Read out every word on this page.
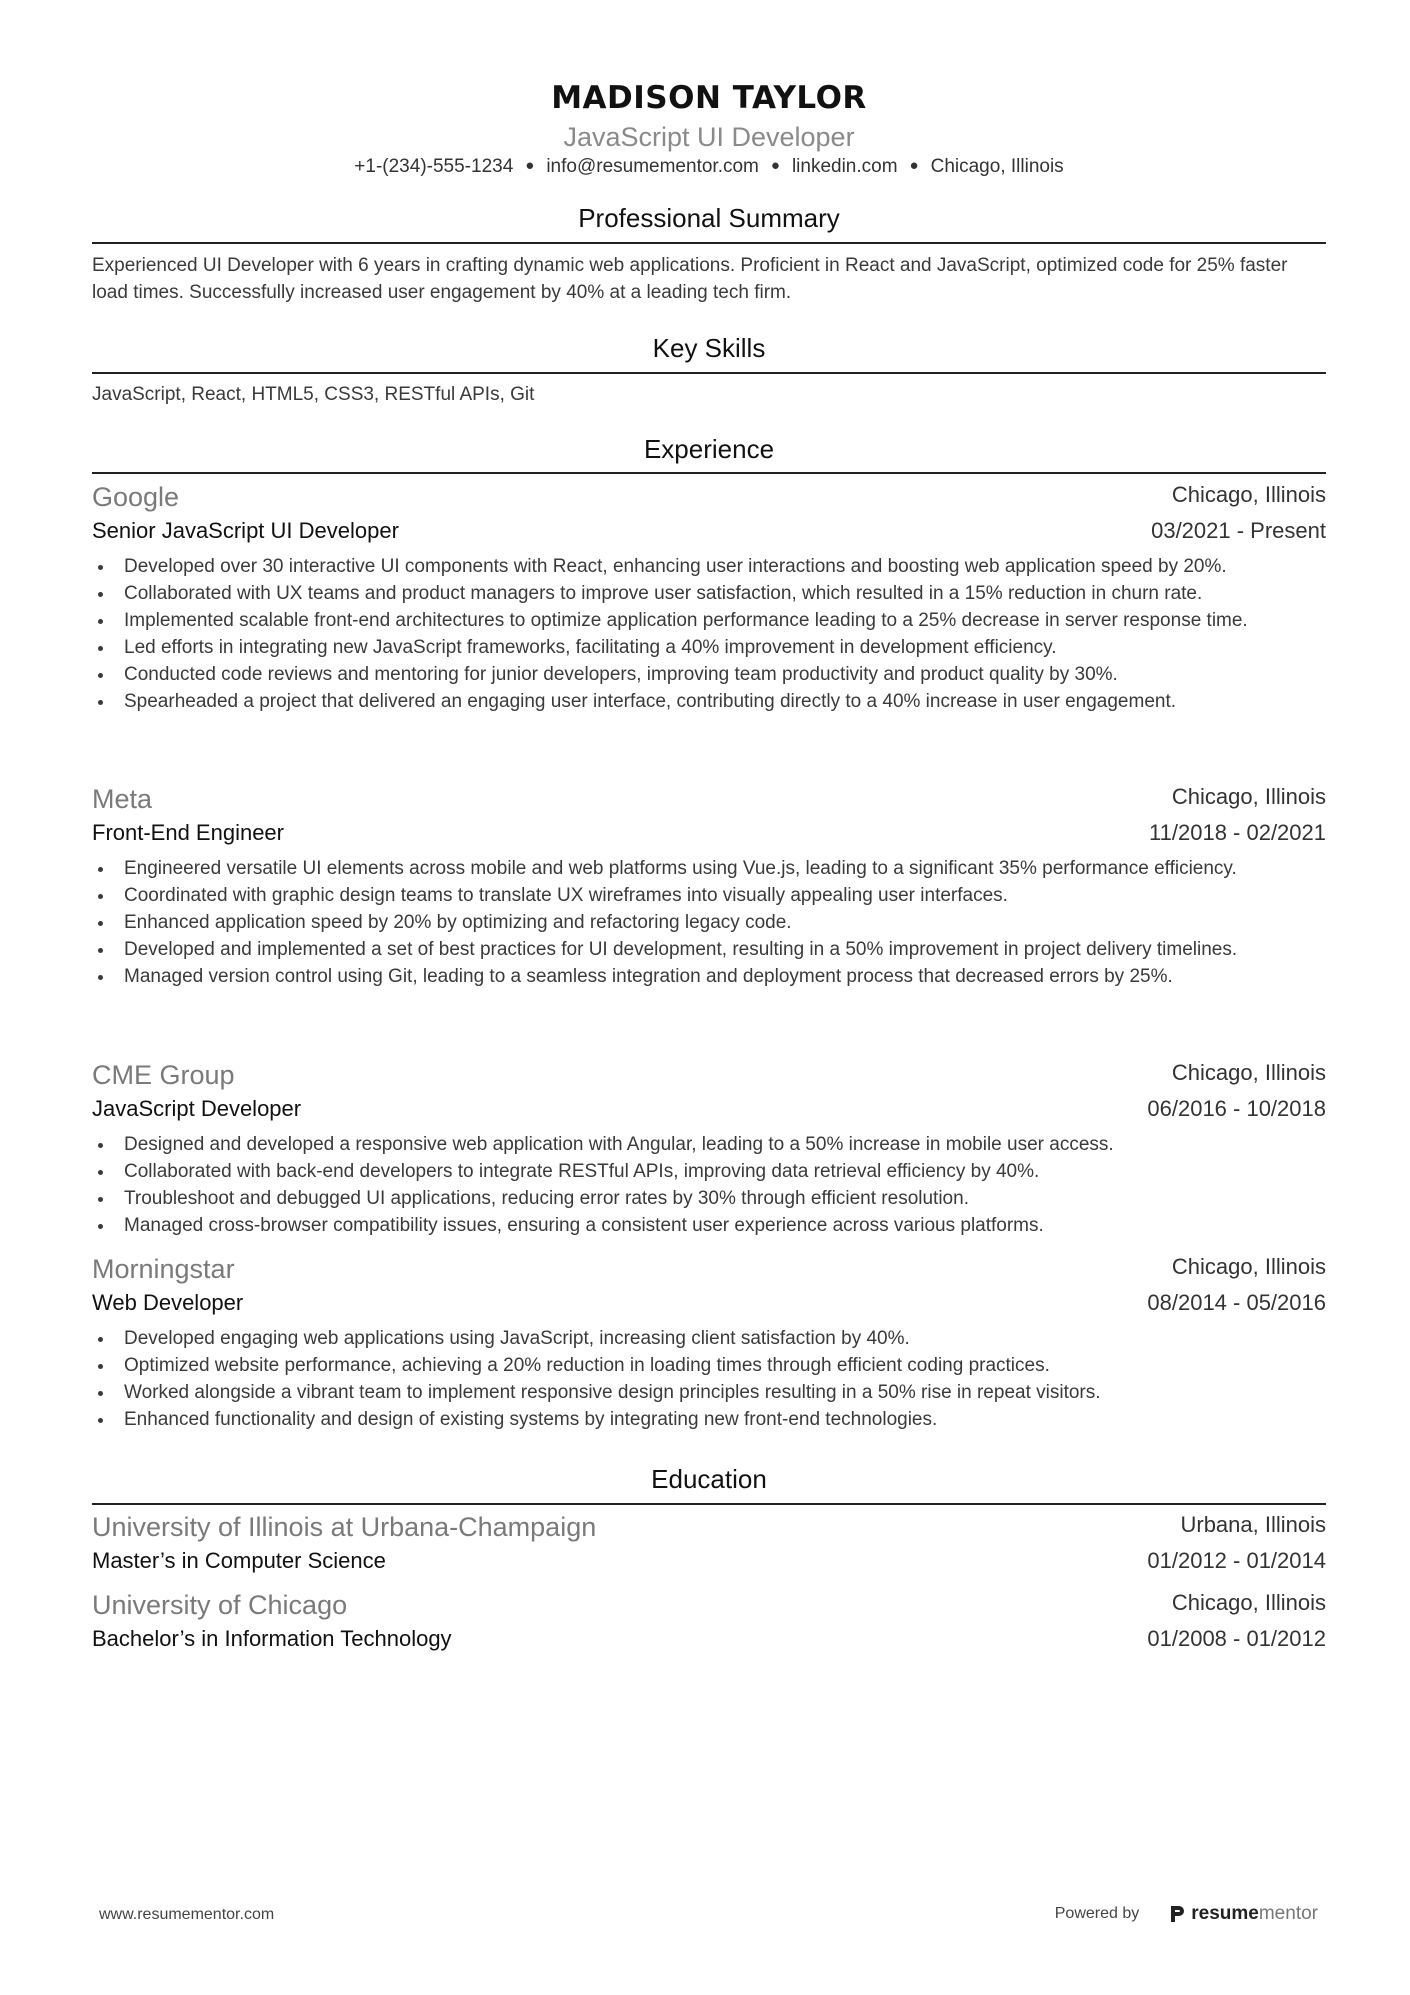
MADISON TAYLOR
JavaScript UI Developer
+1-(234)-555-1234 ● info@resumementor.com ● linkedin.com ● Chicago, Illinois
Professional Summary
Experienced UI Developer with 6 years in crafting dynamic web applications. Proficient in React and JavaScript, optimized code for 25% faster load times. Successfully increased user engagement by 40% at a leading tech firm.
Key Skills
JavaScript, React, HTML5, CSS3, RESTful APIs, Git
Experience
Google	Chicago, Illinois
Senior JavaScript UI Developer	03/2021 - Present
Developed over 30 interactive UI components with React, enhancing user interactions and boosting web application speed by 20%.
Collaborated with UX teams and product managers to improve user satisfaction, which resulted in a 15% reduction in churn rate.
Implemented scalable front-end architectures to optimize application performance leading to a 25% decrease in server response time.
Led efforts in integrating new JavaScript frameworks, facilitating a 40% improvement in development efficiency.
Conducted code reviews and mentoring for junior developers, improving team productivity and product quality by 30%.
Spearheaded a project that delivered an engaging user interface, contributing directly to a 40% increase in user engagement.
Meta	Chicago, Illinois
Front-End Engineer	11/2018 - 02/2021
Engineered versatile UI elements across mobile and web platforms using Vue.js, leading to a significant 35% performance efficiency.
Coordinated with graphic design teams to translate UX wireframes into visually appealing user interfaces.
Enhanced application speed by 20% by optimizing and refactoring legacy code.
Developed and implemented a set of best practices for UI development, resulting in a 50% improvement in project delivery timelines.
Managed version control using Git, leading to a seamless integration and deployment process that decreased errors by 25%.
CME Group	Chicago, Illinois
JavaScript Developer	06/2016 - 10/2018
Designed and developed a responsive web application with Angular, leading to a 50% increase in mobile user access.
Collaborated with back-end developers to integrate RESTful APIs, improving data retrieval efficiency by 40%.
Troubleshoot and debugged UI applications, reducing error rates by 30% through efficient resolution.
Managed cross-browser compatibility issues, ensuring a consistent user experience across various platforms.
Morningstar	Chicago, Illinois
Web Developer	08/2014 - 05/2016
Developed engaging web applications using JavaScript, increasing client satisfaction by 40%.
Optimized website performance, achieving a 20% reduction in loading times through efficient coding practices.
Worked alongside a vibrant team to implement responsive design principles resulting in a 50% rise in repeat visitors.
Enhanced functionality and design of existing systems by integrating new front-end technologies.
Education
University of Illinois at Urbana-Champaign	Urbana, Illinois
Master’s in Computer Science	01/2012 - 01/2014
University of Chicago	Chicago, Illinois
Bachelor’s in Information Technology	01/2008 - 01/2012
www.resumementor.com	Powered by	resume mentor
